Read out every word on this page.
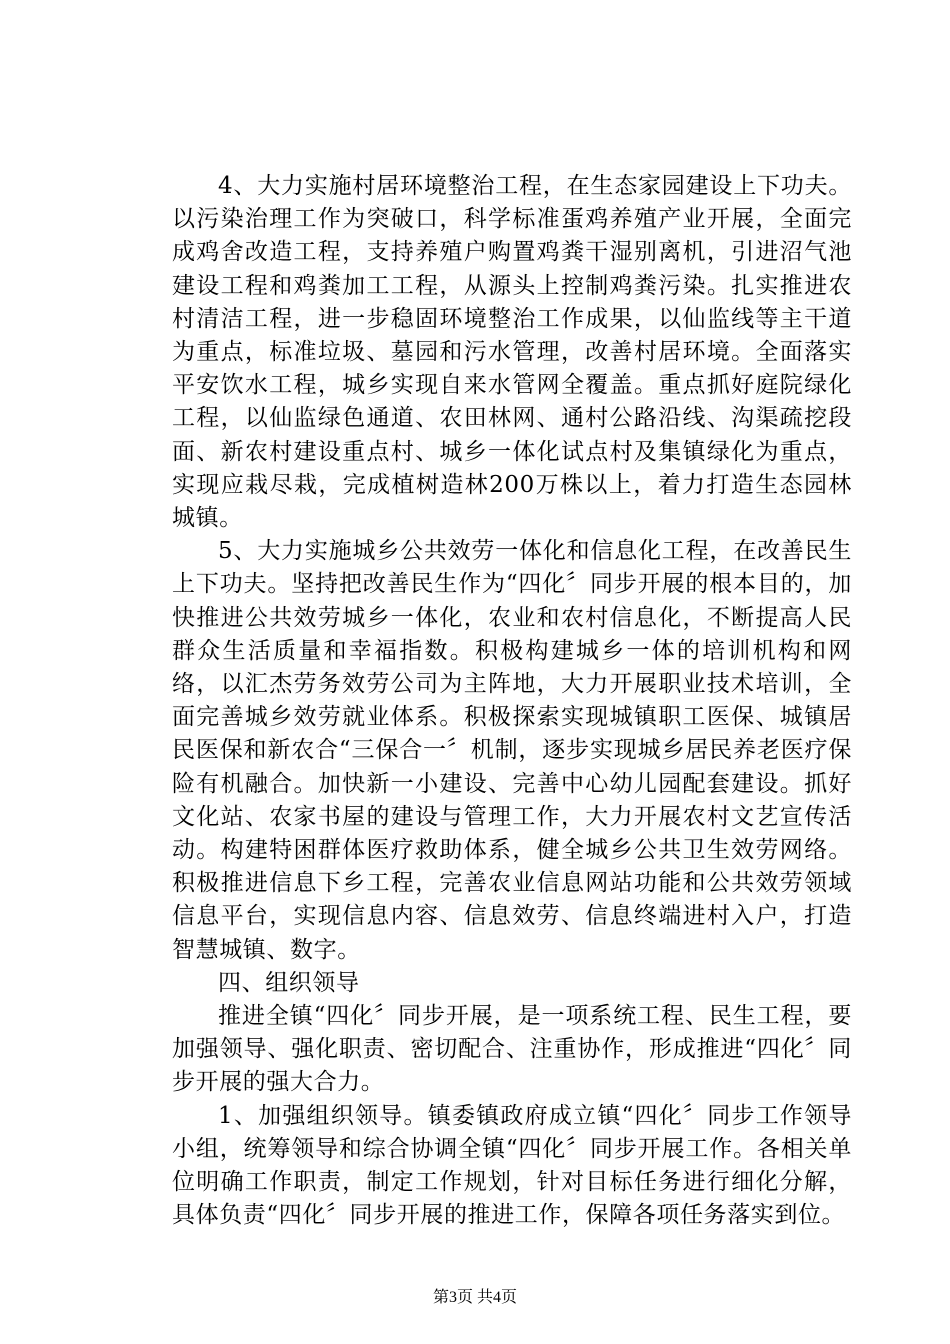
4、大力实施村居环境整治工程，在生态家园建设上下功夫。以污染治理工作为突破口，科学标准蛋鸡养殖产业开展，全面完成鸡舍改造工程，支持养殖户购置鸡粪干湿别离机，引进沼气池建设工程和鸡粪加工工程，从源头上控制鸡粪污染。扎实推进农村清洁工程，进一步稳固环境整治工作成果，以仙监线等主干道为重点，标准垃圾、墓园和污水管理，改善村居环境。全面落实平安饮水工程，城乡实现自来水管网全覆盖。重点抓好庭院绿化工程，以仙监绿色通道、农田林网、通村公路沿线、沟渠疏挖段面、新农村建设重点村、城乡一体化试点村及集镇绿化为重点，实现应栽尽栽，完成植树造林200万株以上，着力打造生态园林城镇。

5、大力实施城乡公共效劳一体化和信息化工程，在改善民生上下功夫。坚持把改善民生作为“四化〞同步开展的根本目的，加快推进公共效劳城乡一体化，农业和农村信息化，不断提高人民群众生活质量和幸福指数。积极构建城乡一体的培训机构和网络，以汇杰劳务效劳公司为主阵地，大力开展职业技术培训，全面完善城乡效劳就业体系。积极探索实现城镇职工医保、城镇居民医保和新农合“三保合一〞机制，逐步实现城乡居民养老医疗保险有机融合。加快新一小建设、完善中心幼儿园配套建设。抓好文化站、农家书屋的建设与管理工作，大力开展农村文艺宣传活动。构建特困群体医疗救助体系，健全城乡公共卫生效劳网络。积极推进信息下乡工程，完善农业信息网站功能和公共效劳领域信息平台，实现信息内容、信息效劳、信息终端进村入户，打造智慧城镇、数字。

四、组织领导

推进全镇“四化〞同步开展，是一项系统工程、民生工程，要加强领导、强化职责、密切配合、注重协作，形成推进“四化〞同步开展的强大合力。

1、加强组织领导。镇委镇政府成立镇“四化〞同步工作领导小组，统筹领导和综合协调全镇“四化〞同步开展工作。各相关单位明确工作职责，制定工作规划，针对目标任务进行细化分解，具体负责“四化〞同步开展的推进工作，保障各项任务落实到位。

第3页 共4页
